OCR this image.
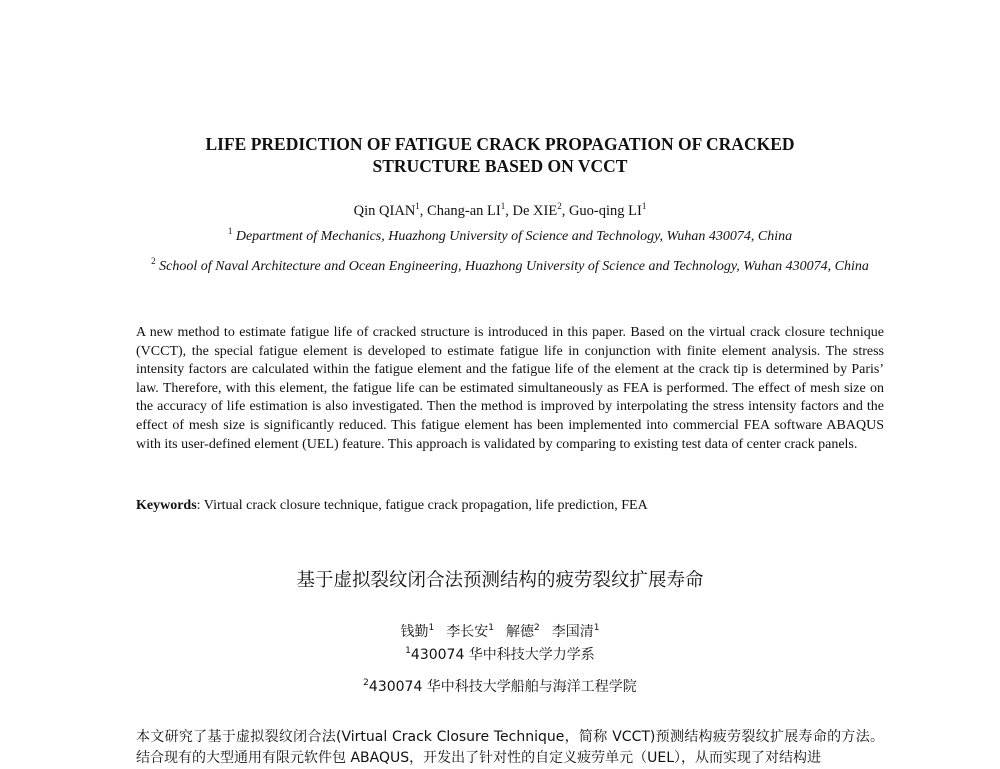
LIFE PREDICTION OF FATIGUE CRACK PROPAGATION OF CRACKED
STRUCTURE BASED ON VCCT
Qin QIAN$^1$, Chang-an $LI^1$, De XIE$^2$, Guo-qing $LI^1$
$^1$ Department of Mechanics, Huazhong University of Science and Technology, Wuhan 430074, China
$^2$ School of Naval Architecture and Ocean Engineering, Huazhong University of Science and Technology, Wuhan 430074, China
A new method to estimate fatigue life of cracked structure is introduced in this paper. Based on the virtual crack closure technique (VCCT), the special fatigue element is developed to estimate fatigue life in conjunction with finite element analysis. The stress intensity factors are calculated within the fatigue element and the fatigue life of the element at the crack tip is determined by Paris’ law. Therefore, with this element, the fatigue life can be estimated simultaneously as FEA is performed. The effect of mesh size on the accuracy of life estimation is also investigated. Then the method is improved by interpolating the stress intensity factors and the effect of mesh size is significantly reduced. This fatigue element has been implemented into commercial FEA software ABAQUS with its user-defined element (UEL) feature. This approach is validated by comparing to existing test data of center crack panels.
Keywords: Virtual crack closure technique, fatigue crack propagation, life prediction, FEA
基于虚拟裂纹闭合法预测结构的疲劳裂纹扩展寿命
钱勤$^1$ 李长安$^1$ 解德$^2$ 李国清$^1$
$^1$430074 华中科技大学力学系
$^2$430074 华中科技大学船舶与海洋工程学院
本文研究了基于虚拟裂纹闭合法(Virtual Crack Closure Technique，简称 VCCT)预测结构疲劳裂纹扩展寿命的方法。结合现有的大型通用有限元软件包 ABAQUS，开发出了针对性的自定义疲劳单元（UEL），从而实现了对结构进
